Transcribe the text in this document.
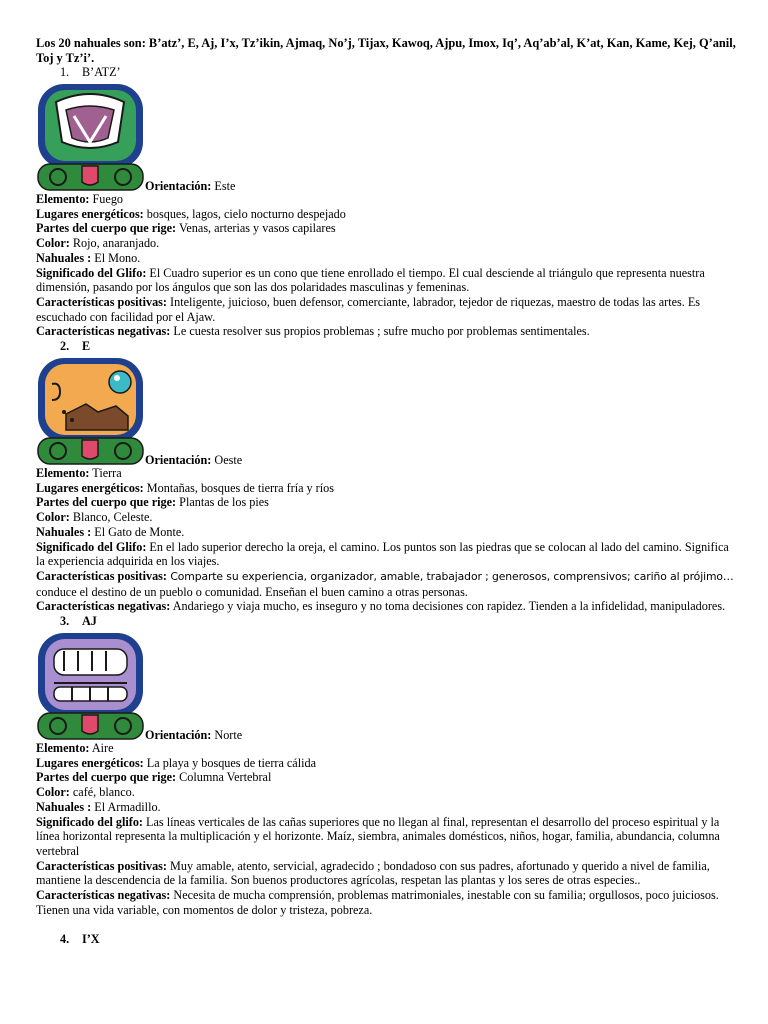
Los 20 nahuales son: B’atz’, E, Aj, I’x, Tz’ikin, Ajmaq, No’j, Tijax, Kawoq, Ajpu, Imox, Iq’, Aq’ab’al, K’at, Kan, Kame, Kej, Q’anil, Toj y Tz’i’.

1. B’ATZ’
Orientación: Este

Elemento: Fuego

Lugares energéticos: bosques, lagos, cielo nocturno despejado

Partes del cuerpo que rige: Venas, arterias y vasos capilares

Color: Rojo, anaranjado.

Nahuales : El Mono.

Significado del Glifo: El Cuadro superior es un cono que tiene enrollado el tiempo. El cual desciende al triángulo que representa nuestra dimensión, pasando por los ángulos que son las dos polaridades masculinas y femeninas.

Características positivas: Inteligente, juicioso, buen defensor, comerciante, labrador, tejedor de riquezas, maestro de todas las artes. Es escuchado con facilidad por el Ajaw.

Características negativas: Le cuesta resolver sus propios problemas ; sufre mucho por problemas sentimentales.

2. E
Orientación: Oeste

Elemento: Tierra

Lugares energéticos: Montañas, bosques de tierra fría y ríos

Partes del cuerpo que rige: Plantas de los pies

Color: Blanco, Celeste.

Nahuales : El Gato de Monte.

Significado del Glifo: En el lado superior derecho la oreja, el camino. Los puntos son las piedras que se colocan al lado del camino. Significa la experiencia adquirida en los viajes.

Características positivas: Comparte su experiencia, organizador, amable, trabajador ; generosos, comprensivos; cariño al prójimo…

conduce el destino de un pueblo o comunidad. Enseñan el buen camino a otras personas.

Características negativas: Andariego y viaja mucho, es inseguro y no toma decisiones con rapidez. Tienden a la infidelidad, manipuladores.

3. AJ
Orientación: Norte

Elemento: Aire

Lugares energéticos: La playa y bosques de tierra cálida

Partes del cuerpo que rige: Columna Vertebral

Color: café, blanco.

Nahuales : El Armadillo.

Significado del glifo: Las líneas verticales de las cañas superiores que no llegan al final, representan el desarrollo del proceso espiritual y la línea horizontal representa la multiplicación y el horizonte. Maíz, siembra, animales domésticos, niños, hogar, familia, abundancia, columna vertebral

Características positivas: Muy amable, atento, servicial, agradecido ; bondadoso con sus padres, afortunado y querido a nivel de familia, mantiene la descendencia de la familia. Son buenos productores agrícolas, respetan las plantas y los seres de otras especies..

Características negativas: Necesita de mucha comprensión, problemas matrimoniales, inestable con su familia; orgullosos, poco juiciosos. Tienen una vida variable, con momentos de dolor y tristeza, pobreza.

4. I’X
